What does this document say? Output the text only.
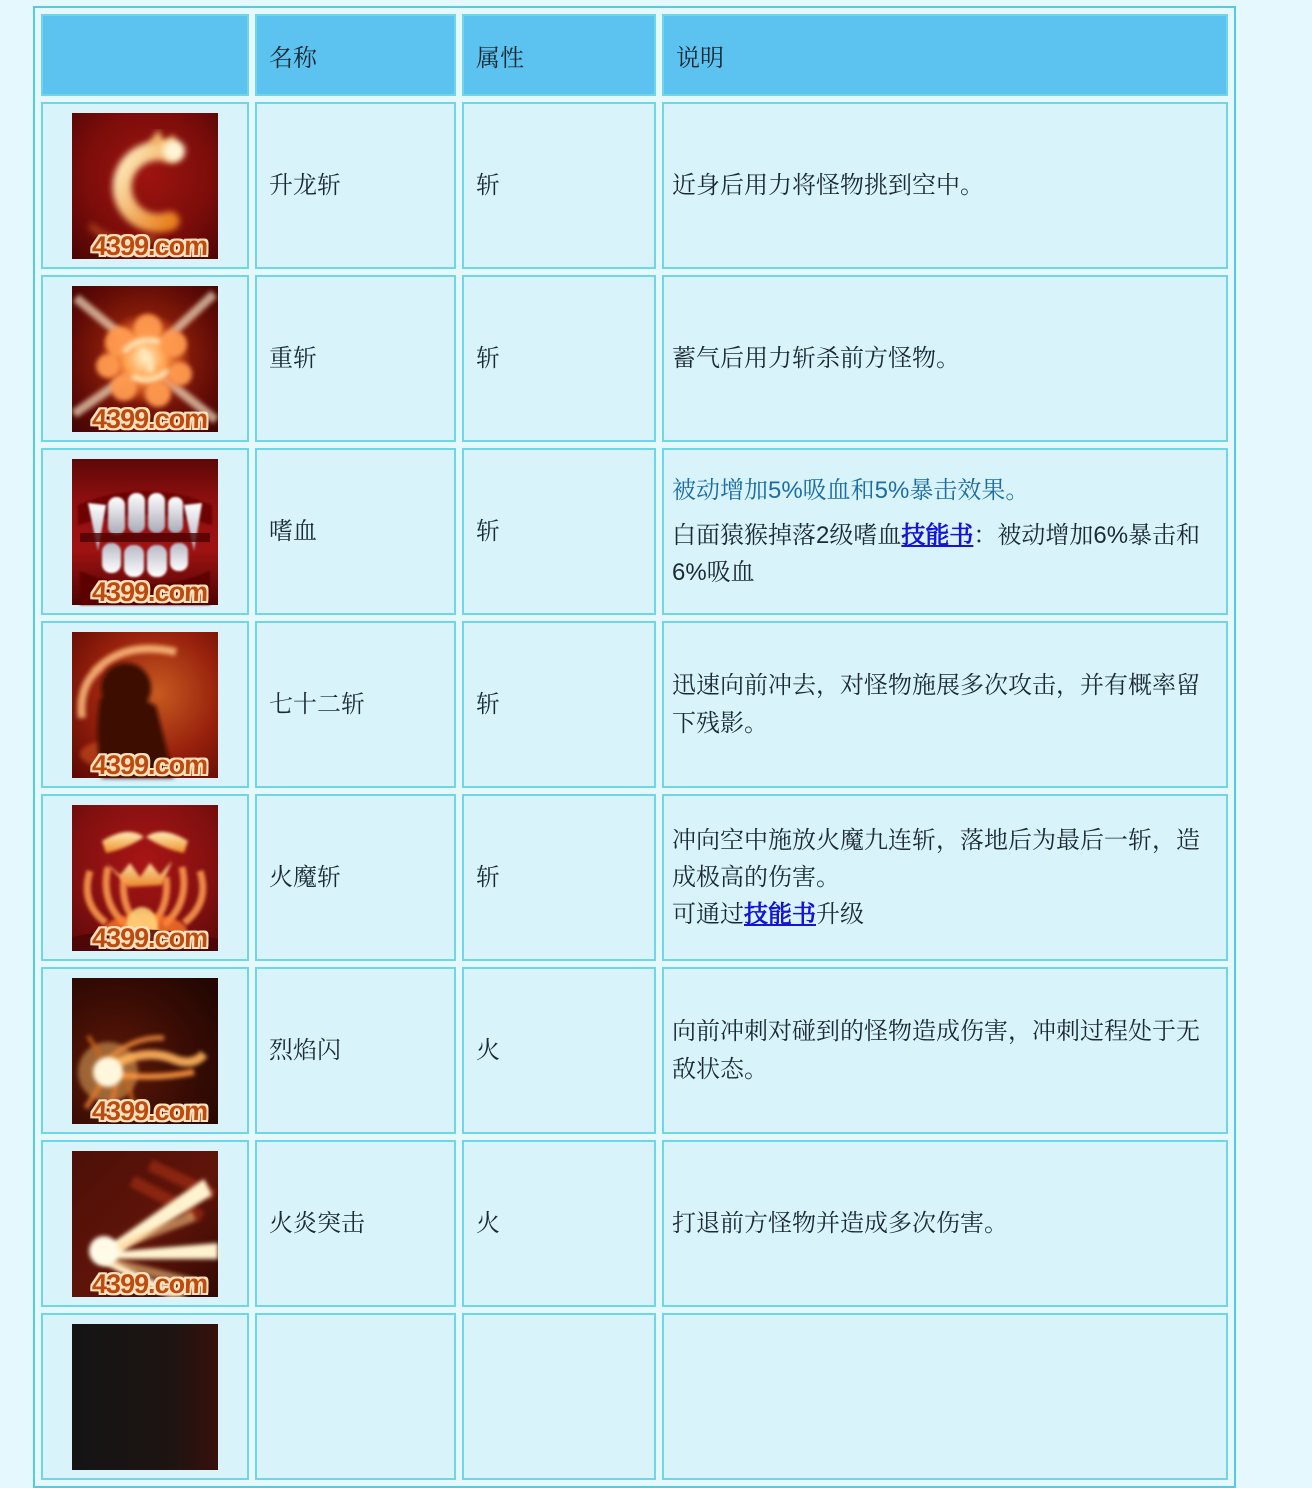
	名称	属性	说明

4399.com	升龙斩	斩	近身后用力将怪物挑到空中。

4399.com	重斩	斩	蓄气后用力斩杀前方怪物。

4399.com	嗜血	斩	被动增加5%吸血和5%暴击效果。
白面猿猴掉落2级嗜血技能书：被动增加6%暴击和6%吸血

4399.com	七十二斩	斩	迅速向前冲去，对怪物施展多次攻击，并有概率留下残影。

4399.com	火魔斩	斩	冲向空中施放火魔九连斩，落地后为最后一斩，造成极高的伤害。
可通过技能书升级

4399.com	烈焰闪	火	向前冲刺对碰到的怪物造成伤害，冲刺过程处于无敌状态。

4399.com	火炎突击	火	打退前方怪物并造成多次伤害。
